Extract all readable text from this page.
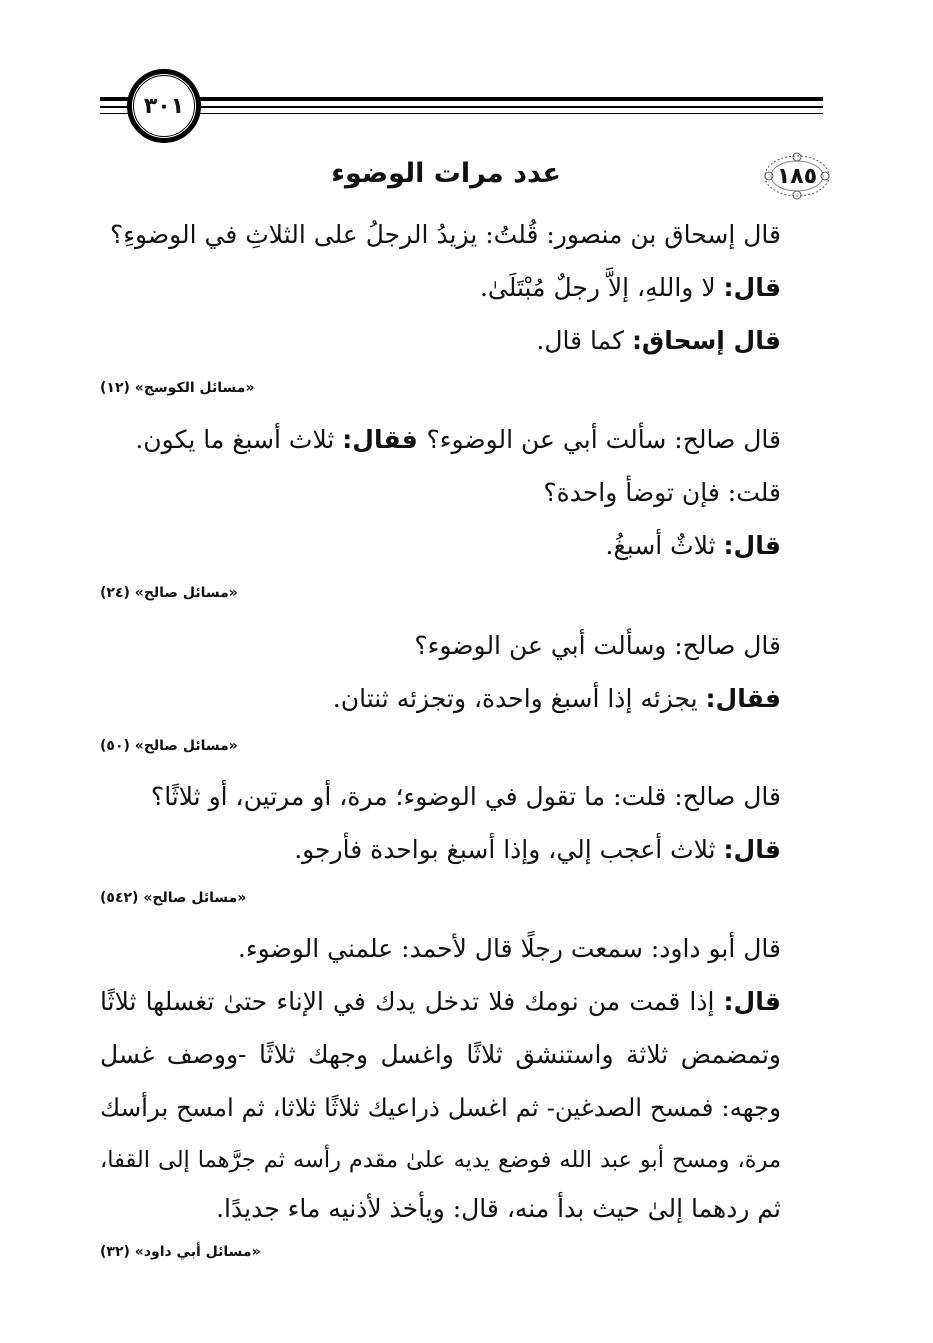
٣٠١
١٨٥
عدد مرات الوضوء
قال إسحاق بن منصور: قُلتُ: يزيدُ الرجلُ على الثلاثِ في الوضوءِ؟
قال: لا واللهِ، إلاَّ رجلٌ مُبْتَلَىٰ.
قال إسحاق: كما قال.
«مسائل الكوسج» (١٢)
قال صالح: سألت أبي عن الوضوء؟ فقال: ثلاث أسبغ ما يكون.
قلت: فإن توضأ واحدة؟
قال: ثلاثٌ أسبغُ.
«مسائل صالح» (٢٤)
قال صالح: وسألت أبي عن الوضوء؟
فقال: يجزئه إذا أسبغ واحدة، وتجزئه ثنتان.
«مسائل صالح» (٥٠)
قال صالح: قلت: ما تقول في الوضوء؛ مرة، أو مرتين، أو ثلاثًا؟
قال: ثلاث أعجب إلي، وإذا أسبغ بواحدة فأرجو.
«مسائل صالح» (٥٤٢)
قال أبو داود: سمعت رجلًا قال لأحمد: علمني الوضوء.
قال: إذا قمت من نومك فلا تدخل يدك في الإناء حتىٰ تغسلها ثلاثًا
وتمضمض ثلاثة واستنشق ثلاثًا واغسل وجهك ثلاثًا -ووصف غسل
وجهه: فمسح الصدغين- ثم اغسل ذراعيك ثلاثًا ثلاثا، ثم امسح برأسك
مرة، ومسح أبو عبد الله فوضع يديه علىٰ مقدم رأسه ثم جرَّهما إلى القفا،
ثم ردهما إلىٰ حيث بدأ منه، قال: ويأخذ لأذنيه ماء جديدًا.
«مسائل أبي داود» (٣٢)
